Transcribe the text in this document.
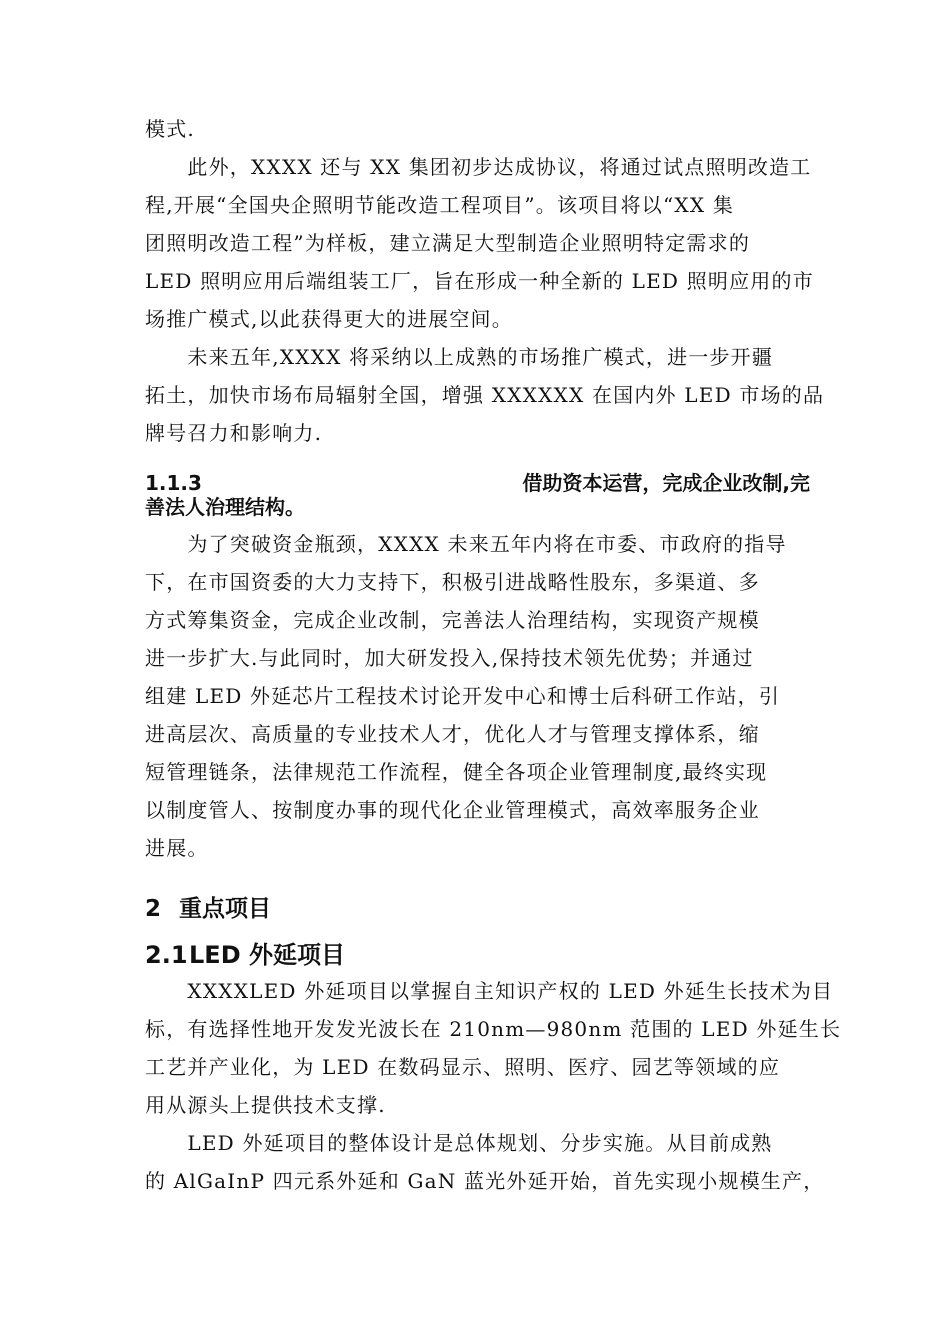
模式.
　　此外，XXXX 还与 XX 集团初步达成协议，将通过试点照明改造工
程,开展“全国央企照明节能改造工程项目”。该项目将以“XX 集
团照明改造工程”为样板，建立满足大型制造企业照明特定需求的
LED 照明应用后端组装工厂，旨在形成一种全新的 LED 照明应用的市
场推广模式,以此获得更大的进展空间。
　　未来五年,XXXX 将采纳以上成熟的市场推广模式，进一步开疆
拓土，加快市场布局辐射全国，增强 XXXXXX 在国内外 LED 市场的品
牌号召力和影响力.
1.1.3	借助资本运营，完成企业改制,完
善法人治理结构。
　　为了突破资金瓶颈，XXXX 未来五年内将在市委、市政府的指导
下，在市国资委的大力支持下，积极引进战略性股东，多渠道、多
方式筹集资金，完成企业改制，完善法人治理结构，实现资产规模
进一步扩大.与此同时，加大研发投入,保持技术领先优势；并通过
组建 LED 外延芯片工程技术讨论开发中心和博士后科研工作站，引
进高层次、高质量的专业技术人才，优化人才与管理支撑体系，缩
短管理链条，法律规范工作流程，健全各项企业管理制度,最终实现
以制度管人、按制度办事的现代化企业管理模式，高效率服务企业
进展。
2 重点项目
2.1LED 外延项目
　　XXXXLED 外延项目以掌握自主知识产权的 LED 外延生长技术为目
标，有选择性地开发发光波长在 210nm—980nm 范围的 LED 外延生长
工艺并产业化，为 LED 在数码显示、照明、医疗、园艺等领域的应
用从源头上提供技术支撑.
　　LED 外延项目的整体设计是总体规划、分步实施。从目前成熟
的 AlGaInP 四元系外延和 GaN 蓝光外延开始，首先实现小规模生产，
